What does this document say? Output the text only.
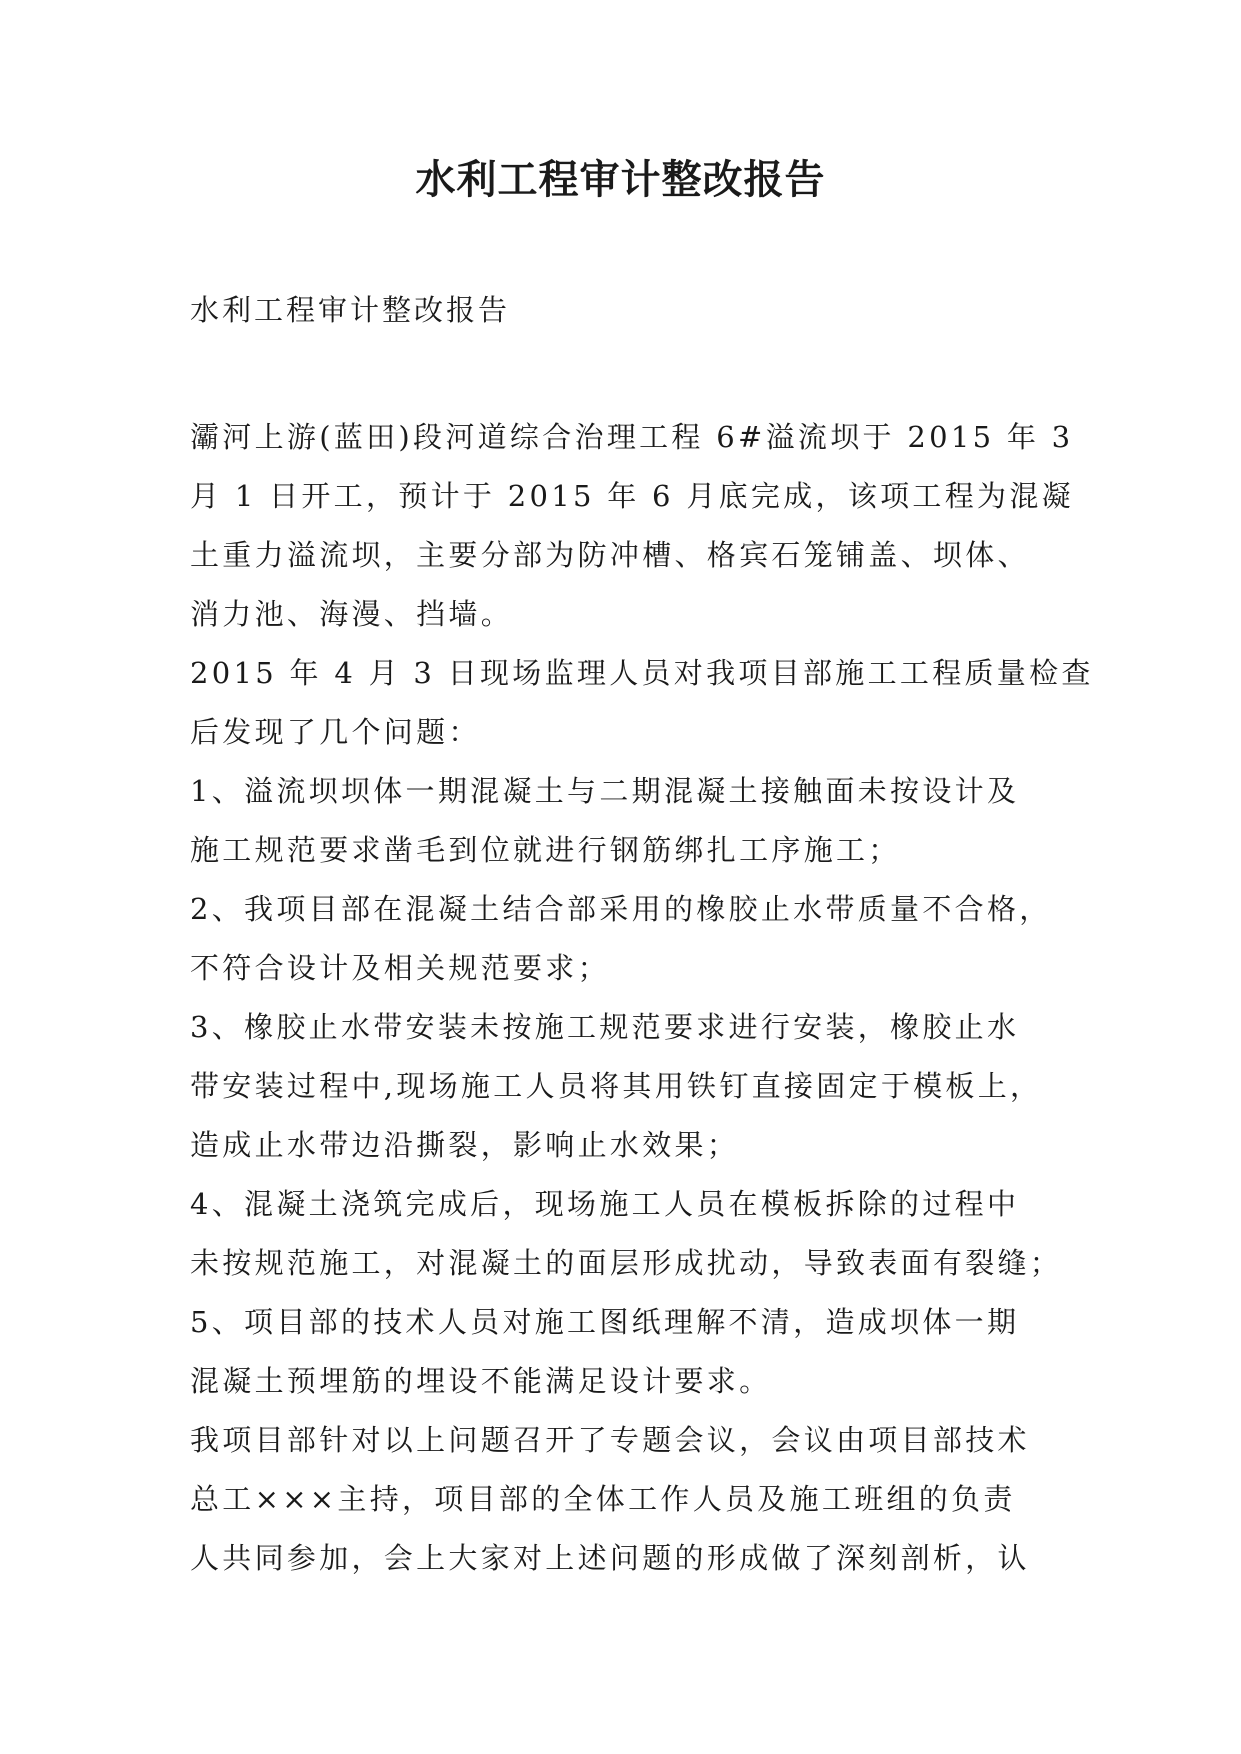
水利工程审计整改报告
水利工程审计整改报告
灞河上游(蓝田)段河道综合治理工程 6#溢流坝于 2015 年 3
月 1 日开工，预计于 2015 年 6 月底完成，该项工程为混凝
土重力溢流坝，主要分部为防冲槽、格宾石笼铺盖、坝体、
消力池、海漫、挡墙。
2015 年 4 月 3 日现场监理人员对我项目部施工工程质量检查
后发现了几个问题：
1、溢流坝坝体一期混凝土与二期混凝土接触面未按设计及
施工规范要求凿毛到位就进行钢筋绑扎工序施工；
2、我项目部在混凝土结合部采用的橡胶止水带质量不合格，
不符合设计及相关规范要求；
3、橡胶止水带安装未按施工规范要求进行安装，橡胶止水
带安装过程中,现场施工人员将其用铁钉直接固定于模板上，
造成止水带边沿撕裂，影响止水效果；
4、混凝土浇筑完成后，现场施工人员在模板拆除的过程中
未按规范施工，对混凝土的面层形成扰动，导致表面有裂缝；
5、项目部的技术人员对施工图纸理解不清，造成坝体一期
混凝土预埋筋的埋设不能满足设计要求。
我项目部针对以上问题召开了专题会议，会议由项目部技术
总工×××主持，项目部的全体工作人员及施工班组的负责
人共同参加，会上大家对上述问题的形成做了深刻剖析，认
